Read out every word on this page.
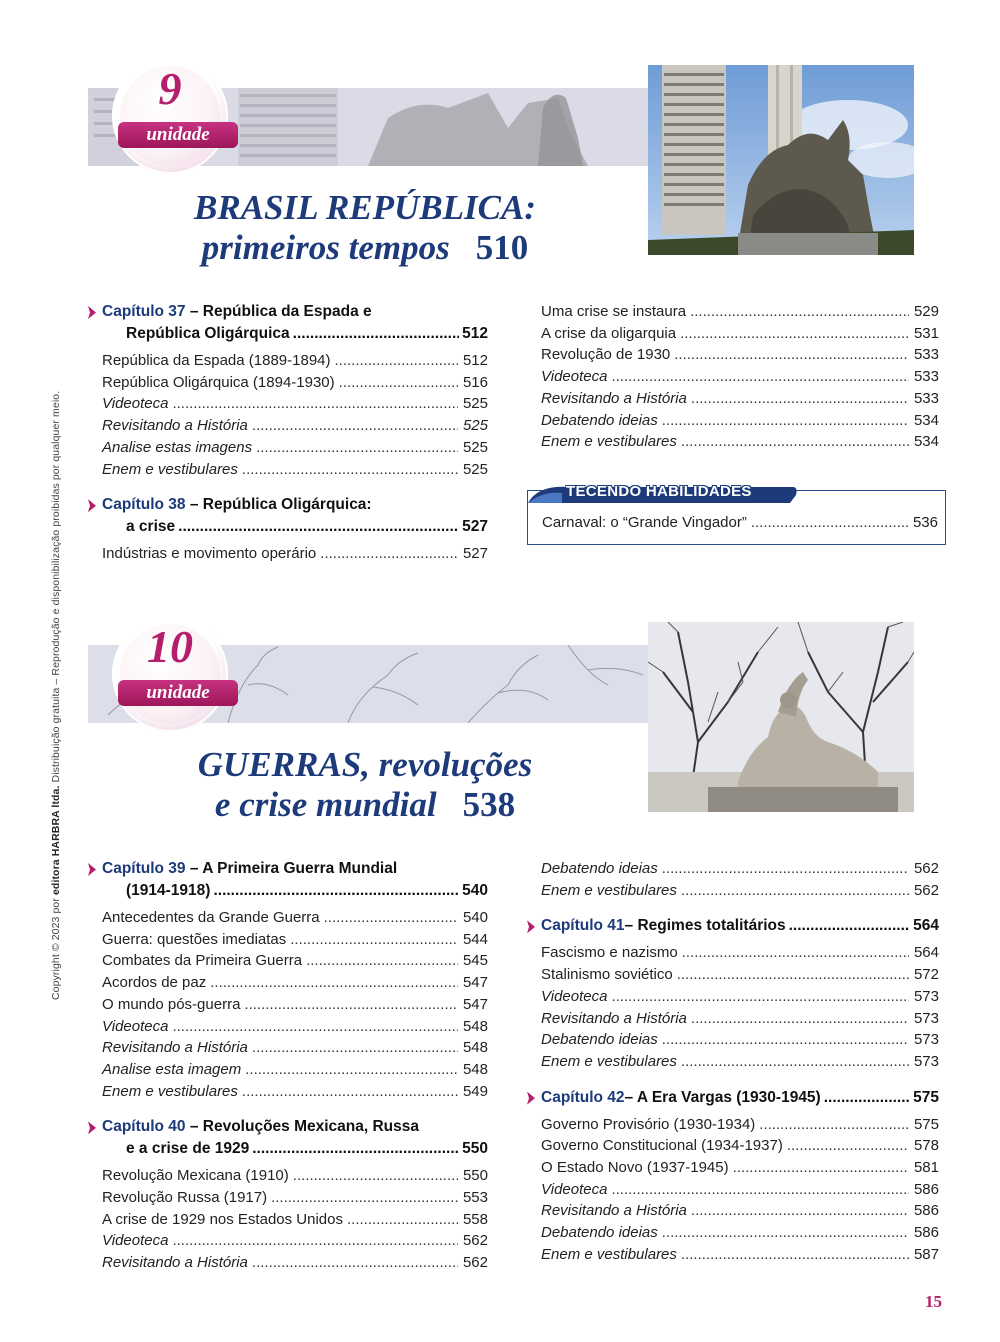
Copyright © 2023 por editora HARBRA ltda. Distribuição gratuita – Reprodução e disponibilização proibidas por qualquer meio.
9
unidade
BRASIL REPÚBLICA:
primeiros tempos 510
Capítulo 37 – República da Espada e
República Oligárquica .....	512
República da Espada (1889-1894) .....	512
República Oligárquica (1894-1930) .....	516
Videoteca .....	525
Revisitando a História .....	525
Analise estas imagens .....	525
Enem e vestibulares .....	525
Capítulo 38 – República Oligárquica:
a crise .....	527
Indústrias e movimento operário .....	527
Uma crise se instaura .....	529
A crise da oligarquia .....	531
Revolução de 1930 .....	533
Videoteca .....	533
Revisitando a História .....	533
Debatendo ideias .....	534
Enem e vestibulares .....	534
TECENDO HABILIDADES
Carnaval: o “Grande Vingador” .....	536
10
unidade
GUERRAS, revoluções
e crise mundial 538
Capítulo 39 – A Primeira Guerra Mundial
(1914-1918) .....	540
Antecedentes da Grande Guerra .....	540
Guerra: questões imediatas .....	544
Combates da Primeira Guerra .....	545
Acordos de paz .....	547
O mundo pós-guerra .....	547
Videoteca .....	548
Revisitando a História .....	548
Analise esta imagem .....	548
Enem e vestibulares .....	549
Capítulo 40 – Revoluções Mexicana, Russa
e a crise de 1929 .....	550
Revolução Mexicana (1910) .....	550
Revolução Russa (1917) .....	553
A crise de 1929 nos Estados Unidos .....	558
Videoteca .....	562
Revisitando a História .....	562
Debatendo ideias .....	562
Enem e vestibulares .....	562
Capítulo 41 – Regimes totalitários .....	564
Fascismo e nazismo .....	564
Stalinismo soviético .....	572
Videoteca .....	573
Revisitando a História .....	573
Debatendo ideias .....	573
Enem e vestibulares .....	573
Capítulo 42 – A Era Vargas (1930-1945) .....	575
Governo Provisório (1930-1934) .....	575
Governo Constitucional (1934-1937) .....	578
O Estado Novo (1937-1945) .....	581
Videoteca .....	586
Revisitando a História .....	586
Debatendo ideias .....	586
Enem e vestibulares .....	587
15
